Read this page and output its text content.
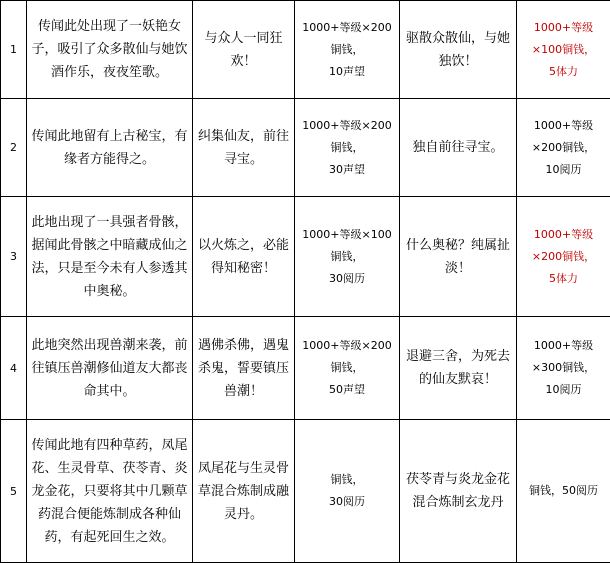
1	传闻此处出现了一妖艳女子，吸引了众多散仙与她饮酒作乐，夜夜笙歌。	与众人一同狂欢！	1000+等级×200
铜钱，
10声望	驱散众散仙，与她独饮！	1000+等级
×100铜钱，
5体力

2	传闻此地留有上古秘宝，有缘者方能得之。	纠集仙友，前往寻宝。	1000+等级×200
铜钱，
30声望	独自前往寻宝。	1000+等级
×200铜钱，
10阅历

3	此地出现了一具强者骨骸，据闻此骨骸之中暗藏成仙之法，只是至今未有人参透其中奥秘。	以火炼之，必能得知秘密！	1000+等级×100
铜钱，
30阅历	什么奥秘？纯属扯淡！	1000+等级
×200铜钱，
5体力

4	此地突然出现兽潮来袭，前往镇压兽潮修仙道友大都丧命其中。	遇佛杀佛，遇鬼杀鬼，誓要镇压兽潮！	1000+等级×200
铜钱，
50声望	退避三舍，为死去的仙友默哀！	1000+等级
×300铜钱，
10阅历

5	传闻此地有四种草药，凤尾花、生灵骨草、茯苓青、炎龙金花，只要将其中几颗草药混合便能炼制成各种仙药，有起死回生之效。	凤尾花与生灵骨草混合炼制成融灵丹。	铜钱，
30阅历	茯苓青与炎龙金花混合炼制玄龙丹	铜钱，50阅历
